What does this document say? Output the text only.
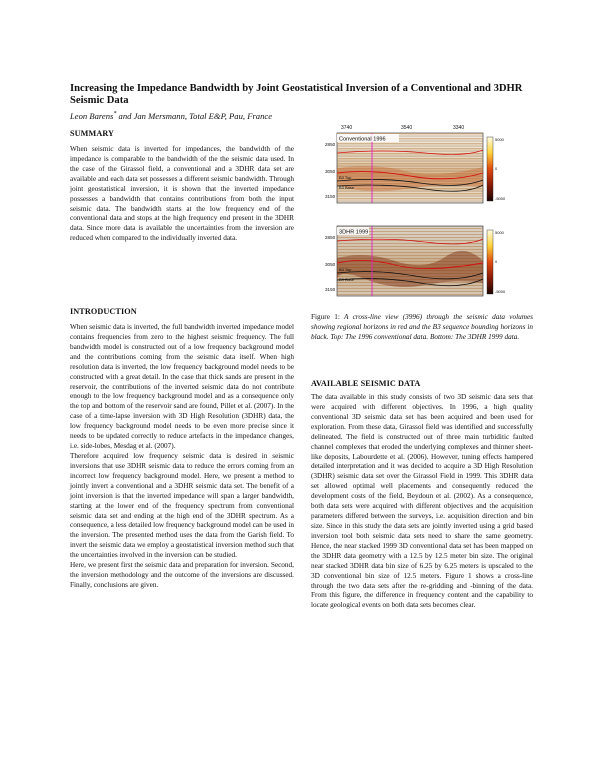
Increasing the Impedance Bandwidth by Joint Geostatistical Inversion of a Conventional and 3DHR Seismic Data
Leon Barens* and Jan Mersmann, Total E&P, Pau, France
SUMMARY

When seismic data is inverted for impedances, the bandwidth of the impedance is comparable to the bandwidth of the the seismic data used. In the case of the Girassol field, a conventional and a 3DHR data set are available and each data set possesses a different seismic bandwidth. Through joint geostatistical inversion, it is shown that the inverted impedance possesses a bandwidth that contains contributions from both the input seismic data. The bandwidth starts at the low frequency end of the conventional data and stops at the high frequency end present in the 3DHR data. Since more data is available the uncertainties from the inversion are reduced when compared to the individually inverted data.

INTRODUCTION

When seismic data is inverted, the full bandwidth inverted impedance model contains frequencies from zero to the highest seismic frequency. The full bandwidth model is constructed out of a low frequency background model and the contributions coming from the seismic data itself. When high resolution data is inverted, the low frequency background model needs to be constructed with a great detail. In the case that thick sands are present in the reservoir, the contributions of the inverted seismic data do not contribute enough to the low frequency background model and as a consequence only the top and bottom of the reservoir sand are found, Pillet et al. (2007). In the case of a time-lapse inversion with 3D High Resolution (3DHR) data, the low frequency background model needs to be even more precise since it needs to be updated correctly to reduce artefacts in the impedance changes, i.e. side-lobes, Mesdag et al. (2007).

Therefore acquired low frequency seismic data is desired in seismic inversions that use 3DHR seismic data to reduce the errors coming from an incorrect low frequency background model. Here, we present a method to jointly invert a conventional and a 3DHR seismic data set. The benefit of a joint inversion is that the inverted impedance will span a larger bandwidth, starting at the lower end of the frequency spectrum from conventional seismic data set and ending at the high end of the 3DHR spectrum. As a consequence, a less detailed low frequency background model can be used in the inversion. The presented method uses the data from the Garish field. To invert the seismic data we employ a geostatistical inversion method such that the uncertainties involved in the inversion can be studied.

Here, we present first the seismic data and preparation for inversion. Second, the inversion methodology and the outcome of the inversions are discussed. Finally, conclusions are given.

3740	3540	3340
Conventional 1996
B3 Top
B3 Base
2850
3050
3150
5000
0
-5000
3DHR 1999
B3 Top
B3 Base
2850
3050
3150
5000
0
-5000
Figure 1: A cross-line view (3996) through the seismic data volumes showing regional horizons in red and the B3 sequence bounding horizons in black. Top: The 1996 conventional data. Bottom: The 3DHR 1999 data.
AVAILABLE SEISMIC DATA

The data available in this study consists of two 3D seismic data sets that were acquired with different objectives. In 1996, a high quality conventional 3D seismic data set has been acquired and been used for exploration. From these data, Girassol field was identified and successfully delineated. The field is constructed out of three main turbiditic faulted channel complexes that eroded the underlying complexes and thinner sheet-like deposits, Labourdette et al. (2006). However, tuning effects hampered detailed interpretation and it was decided to acquire a 3D High Resolution (3DHR) seismic data set over the Girassol Field in 1999. This 3DHR data set allowed optimal well placements and consequently reduced the development costs of the field, Beydoun et al. (2002). As a consequence, both data sets were acquired with different objectives and the acquisition parameters differed between the surveys, i.e. acquisition direction and bin size. Since in this study the data sets are jointly inverted using a grid based inversion tool both seismic data sets need to share the same geometry. Hence, the near stacked 1999 3D conventional data set has been mapped on the 3DHR data geometry with a 12.5 by 12.5 meter bin size. The original near stacked 3DHR data bin size of 6.25 by 6.25 meters is upscaled to the 3D conventional bin size of 12.5 meters. Figure 1 shows a cross-line through the two data sets after the re-gridding and -binning of the data. From this figure, the difference in frequency content and the capability to locate geological events on both data sets becomes clear.
